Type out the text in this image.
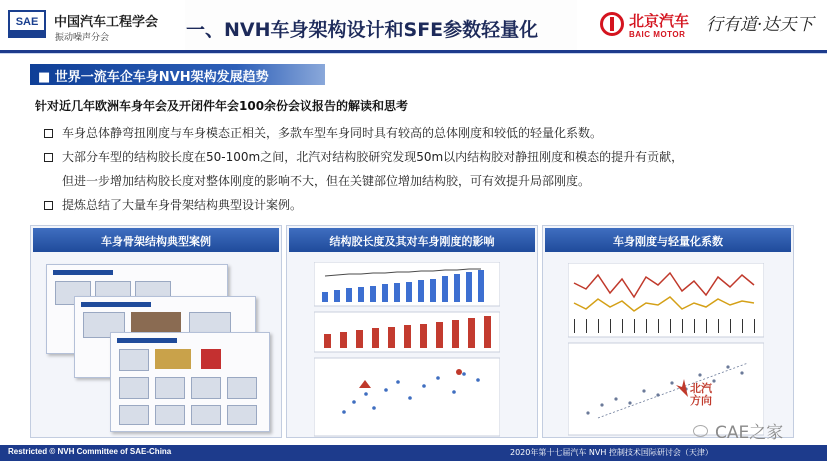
SAE	中国汽车工程学会
振动噪声分会	一、NVH车身架构设计和SFE参数轻量化	北京汽车
BAIC MOTOR 行有道·达天下
■ 世界一流车企车身NVH架构发展趋势
针对近几年欧洲车身年会及开闭件年会100余份会议报告的解读和思考
车身总体静弯扭刚度与车身模态正相关，多款车型车身同时具有较高的总体刚度和较低的轻量化系数。
大部分车型的结构胶长度在50-100m之间，北汽对结构胶研究发现50m以内结构胶对静扭刚度和模态的提升有贡献，
但进一步增加结构胶长度对整体刚度的影响不大，但在关键部位增加结构胶，可有效提升局部刚度。
提炼总结了大量车身骨架结构典型设计案例。
车身骨架结构典型案例	结构胶长度及其对车身刚度的影响	车身刚度与轻量化系数
北汽方向
CAE之家
Restricted © NVH Committee of SAE-China	2020年第十七届汽车 NVH 控制技术国际研讨会（天津）
